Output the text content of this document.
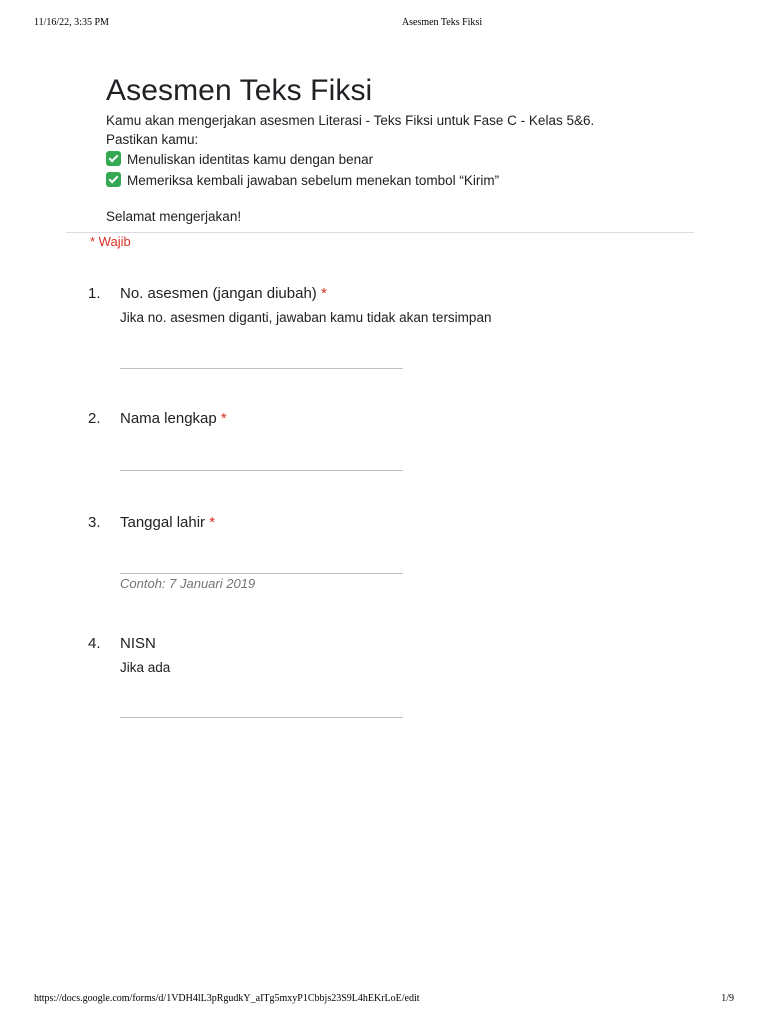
11/16/22, 3:35 PM	Asesmen Teks Fiksi
Asesmen Teks Fiksi
Kamu akan mengerjakan asesmen Literasi - Teks Fiksi untuk Fase C - Kelas 5&6.
Pastikan kamu:
Menuliskan identitas kamu dengan benar
Memeriksa kembali jawaban sebelum menekan tombol “Kirim”
Selamat mengerjakan!
* Wajib
1. No. asesmen (jangan diubah) *
Jika no. asesmen diganti, jawaban kamu tidak akan tersimpan
2. Nama lengkap *
3. Tanggal lahir *
Contoh: 7 Januari 2019
4. NISN
Jika ada
https://docs.google.com/forms/d/1VDH4lL3pRgudkY_aITg5mxyP1Cbbjs23S9L4hEKrLoE/edit	1/9
